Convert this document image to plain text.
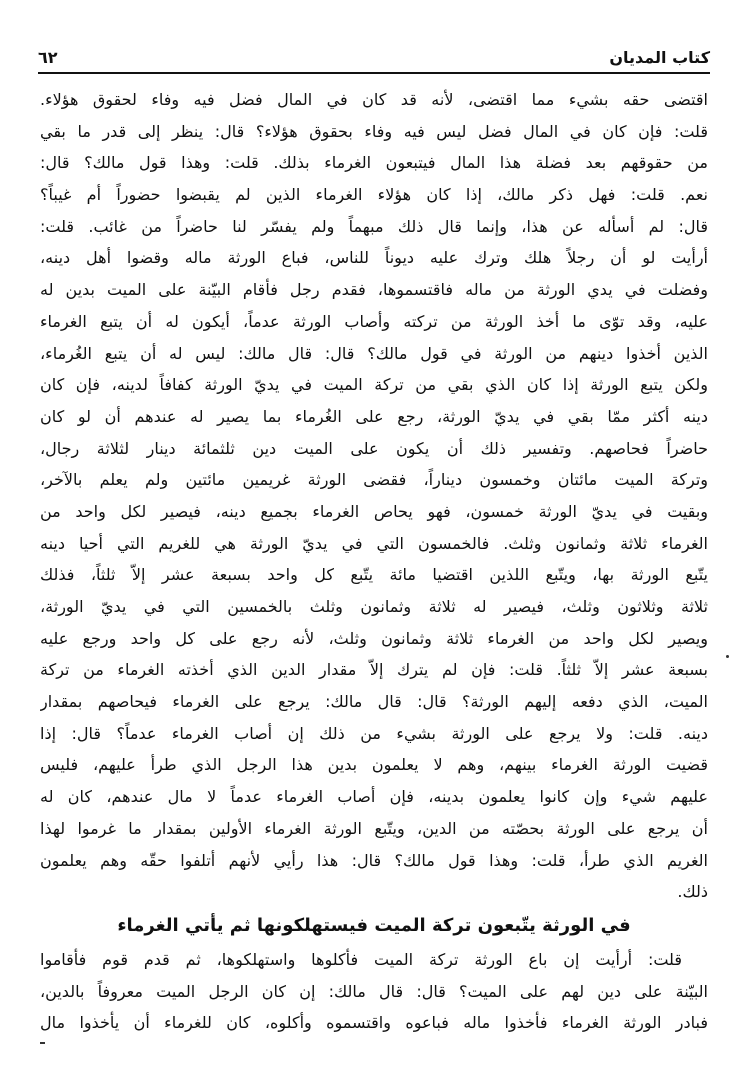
كتاب المديان
٦٢
اقتضى حقه بشيء مما اقتضى، لأنه قد كان في المال فضل فيه وفاء لحقوق هؤلاء.
قلت: فإن كان في المال فضل ليس فيه وفاء بحقوق هؤلاء؟ قال: ينظر إلى قدر ما بقي
من حقوقهم بعد فضلة هذا المال فيتبعون الغرماء بذلك. قلت: وهذا قول مالك؟ قال:
نعم. قلت: فهل ذكر مالك، إذا كان هؤلاء الغرماء الذين لم يقبضوا حضوراً أم غيباً؟
قال: لم أسأله عن هذا، وإنما قال ذلك مبهماً ولم يفسّر لنا حاضراً من غائب. قلت:
أرأيت لو أن رجلاً هلك وترك عليه ديوناً للناس، فباع الورثة ماله وقضوا أهل دينه،
وفضلت في يدي الورثة من ماله فاقتسموها، فقدم رجل فأقام البيّنة على الميت بدين له
عليه، وقد توّى ما أخذ الورثة من تركته وأصاب الورثة عدماً، أيكون له أن يتبع الغرماء
الذين أخذوا دينهم من الورثة في قول مالك؟ قال: قال مالك: ليس له أن يتبع الغُرماء،
ولكن يتبع الورثة إذا كان الذي بقي من تركة الميت في يديّ الورثة كفافاً لدينه، فإن كان
دينه أكثر ممّا بقي في يديّ الورثة، رجع على الغُرماء بما يصير له عندهم أن لو كان
حاضراً فحاصهم. وتفسير ذلك أن يكون على الميت دين ثلثمائة دينار لثلاثة رجال،
وتركة الميت مائتان وخمسون ديناراً، فقضى الورثة غريمين مائتين ولم يعلم بالآخر،
وبقيت في يديّ الورثة خمسون، فهو يحاص الغرماء بجميع دينه، فيصير لكل واحد من
الغرماء ثلاثة وثمانون وثلث. فالخمسون التي في يديّ الورثة هي للغريم التي أحيا دينه
يتّبع الورثة بها، ويتّبع اللذين اقتضيا مائة يتّبع كل واحد بسبعة عشر إلاّ ثلثاً، فذلك
ثلاثة وثلاثون وثلث، فيصير له ثلاثة وثمانون وثلث بالخمسين التي في يديّ الورثة،
ويصير لكل واحد من الغرماء ثلاثة وثمانون وثلث، لأنه رجع على كل واحد ورجع عليه
بسبعة عشر إلاّ ثلثاً. قلت: فإن لم يترك إلاّ مقدار الدين الذي أخذته الغرماء من تركة
الميت، الذي دفعه إليهم الورثة؟ قال: قال مالك: يرجع على الغرماء فيحاصهم بمقدار
دينه. قلت: ولا يرجع على الورثة بشيء من ذلك إن أصاب الغرماء عدماً؟ قال: إذا
قضيت الورثة الغرماء بينهم، وهم لا يعلمون بدين هذا الرجل الذي طرأ عليهم، فليس
عليهم شيء وإن كانوا يعلمون بدينه، فإن أصاب الغرماء عدماً لا مال عندهم، كان له
أن يرجع على الورثة بحصّته من الدين، ويتّبع الورثة الغرماء الأولين بمقدار ما غرموا لهذا
الغريم الذي طرأ، قلت: وهذا قول مالك؟ قال: هذا رأيي لأنهم أتلفوا حقّه وهم يعلمون
ذلك.
في الورثة يتّبعون تركة الميت فيستهلكونها ثم يأتي الغرماء
قلت: أرأيت إن باع الورثة تركة الميت فأكلوها واستهلكوها، ثم قدم قوم فأقاموا
البيّنة على دين لهم على الميت؟ قال: قال مالك: إن كان الرجل الميت معروفاً بالدين،
فبادر الورثة الغرماء فأخذوا ماله فباعوه واقتسموه وأكلوه، كان للغرماء أن يأخذوا مال
